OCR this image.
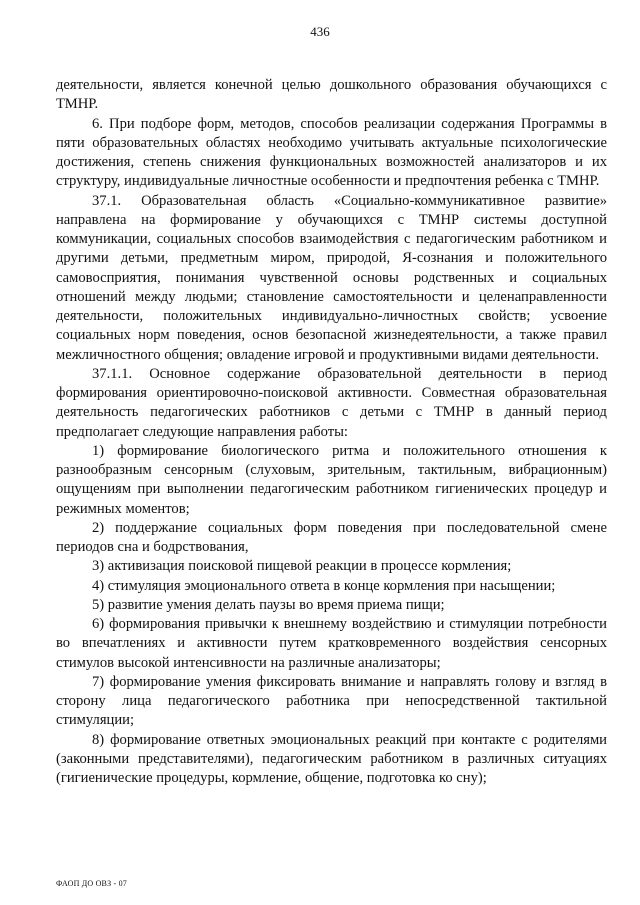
436

деятельности, является конечной целью дошкольного образования обучающихся с ТМНР.

6. При подборе форм, методов, способов реализации содержания Программы в пяти образовательных областях необходимо учитывать актуальные психологические достижения, степень снижения функциональных возможностей анализаторов и их структуру, индивидуальные личностные особенности и предпочтения ребенка с ТМНР.

37.1. Образовательная область «Социально-коммуникативное развитие» направлена на формирование у обучающихся с ТМНР системы доступной коммуникации, социальных способов взаимодействия с педагогическим работником и другими детьми, предметным миром, природой, Я-сознания и положительного самовосприятия, понимания чувственной основы родственных и социальных отношений между людьми; становление самостоятельности и целенаправленности деятельности, положительных индивидуально-личностных свойств; усвоение социальных норм поведения, основ безопасной жизнедеятельности, а также правил межличностного общения; овладение игровой и продуктивными видами деятельности.

37.1.1. Основное содержание образовательной деятельности в период формирования ориентировочно-поисковой активности. Совместная образовательная деятельность педагогических работников с детьми с ТМНР в данный период предполагает следующие направления работы:

1) формирование биологического ритма и положительного отношения к разнообразным сенсорным (слуховым, зрительным, тактильным, вибрационным) ощущениям при выполнении педагогическим работником гигиенических процедур и режимных моментов;

2) поддержание социальных форм поведения при последовательной смене периодов сна и бодрствования,

3) активизация поисковой пищевой реакции в процессе кормления;

4) стимуляция эмоционального ответа в конце кормления при насыщении;

5) развитие умения делать паузы во время приема пищи;

6) формирования привычки к внешнему воздействию и стимуляции потребности во впечатлениях и активности путем кратковременного воздействия сенсорных стимулов высокой интенсивности на различные анализаторы;

7) формирование умения фиксировать внимание и направлять голову и взгляд в сторону лица педагогического работника при непосредственной тактильной стимуляции;

8) формирование ответных эмоциональных реакций при контакте с родителями (законными представителями), педагогическим работником в различных ситуациях (гигиенические процедуры, кормление, общение, подготовка ко сну);

ФАОП ДО ОВЗ - 07
